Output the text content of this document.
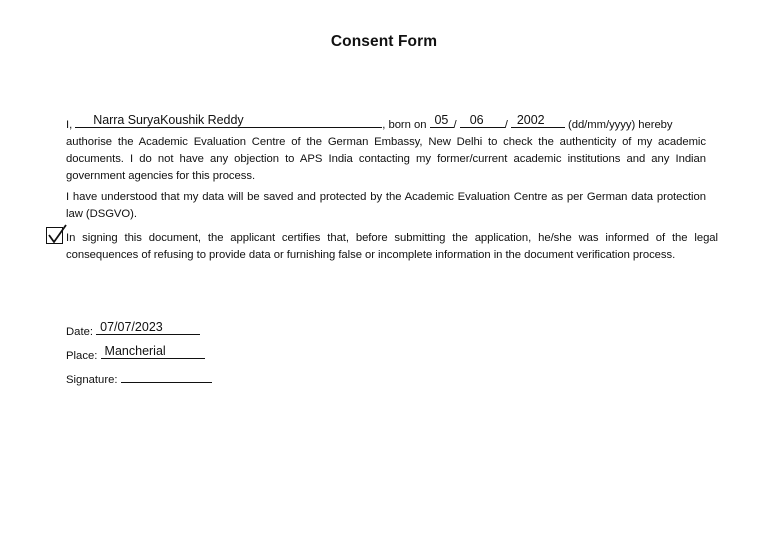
Consent Form
I, Narra SuryaKoushik Reddy	, born on 05 / 06 / 2002 (dd/mm/yyyy) hereby
authorise the Academic Evaluation Centre of the German Embassy, New Delhi to check the authenticity of my academic documents. I do not have any objection to APS India contacting my former/current academic institutions and any Indian government agencies for this process.
I have understood that my data will be saved and protected by the Academic Evaluation Centre as per German data protection law (DSGVO).
In signing this document, the applicant certifies that, before submitting the application, he/she was informed of the legal consequences of refusing to provide data or furnishing false or incomplete information in the document verification process.
Date: 07/07/2023
Place: Mancherial
Signature:
